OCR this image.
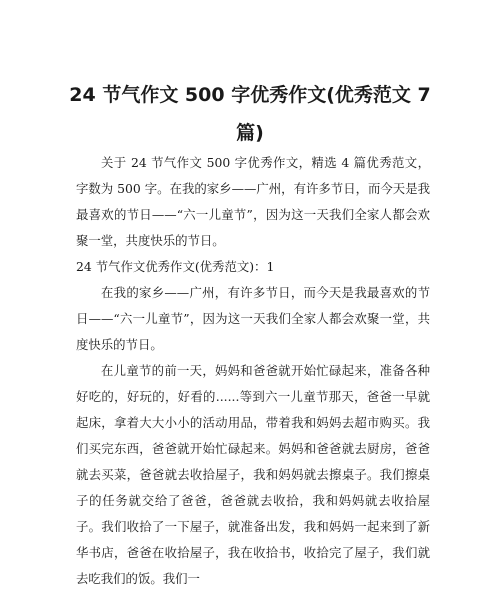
24 节气作文 500 字优秀作文(优秀范文 7 篇)

关于 24 节气作文 500 字优秀作文，精选 4 篇优秀范文，字数为 500 字。在我的家乡——广州，有许多节日，而今天是我最喜欢的节日——“六一儿童节”，因为这一天我们全家人都会欢聚一堂，共度快乐的节日。

24 节气作文优秀作文(优秀范文)：1

在我的家乡——广州，有许多节日，而今天是我最喜欢的节日——“六一儿童节”，因为这一天我们全家人都会欢聚一堂，共度快乐的节日。

在儿童节的前一天，妈妈和爸爸就开始忙碌起来，准备各种好吃的，好玩的，好看的......等到六一儿童节那天，爸爸一早就起床，拿着大大小小的活动用品，带着我和妈妈去超市购买。我们买完东西，爸爸就开始忙碌起来。妈妈和爸爸就去厨房，爸爸就去买菜，爸爸就去收拾屋子，我和妈妈就去擦桌子。我们擦桌子的任务就交给了爸爸，爸爸就去收拾，我和妈妈就去收拾屋子。我们收拾了一下屋子，就准备出发，我和妈妈一起来到了新华书店，爸爸在收拾屋子，我在收拾书，收拾完了屋子，我们就去吃我们的饭。我们一
